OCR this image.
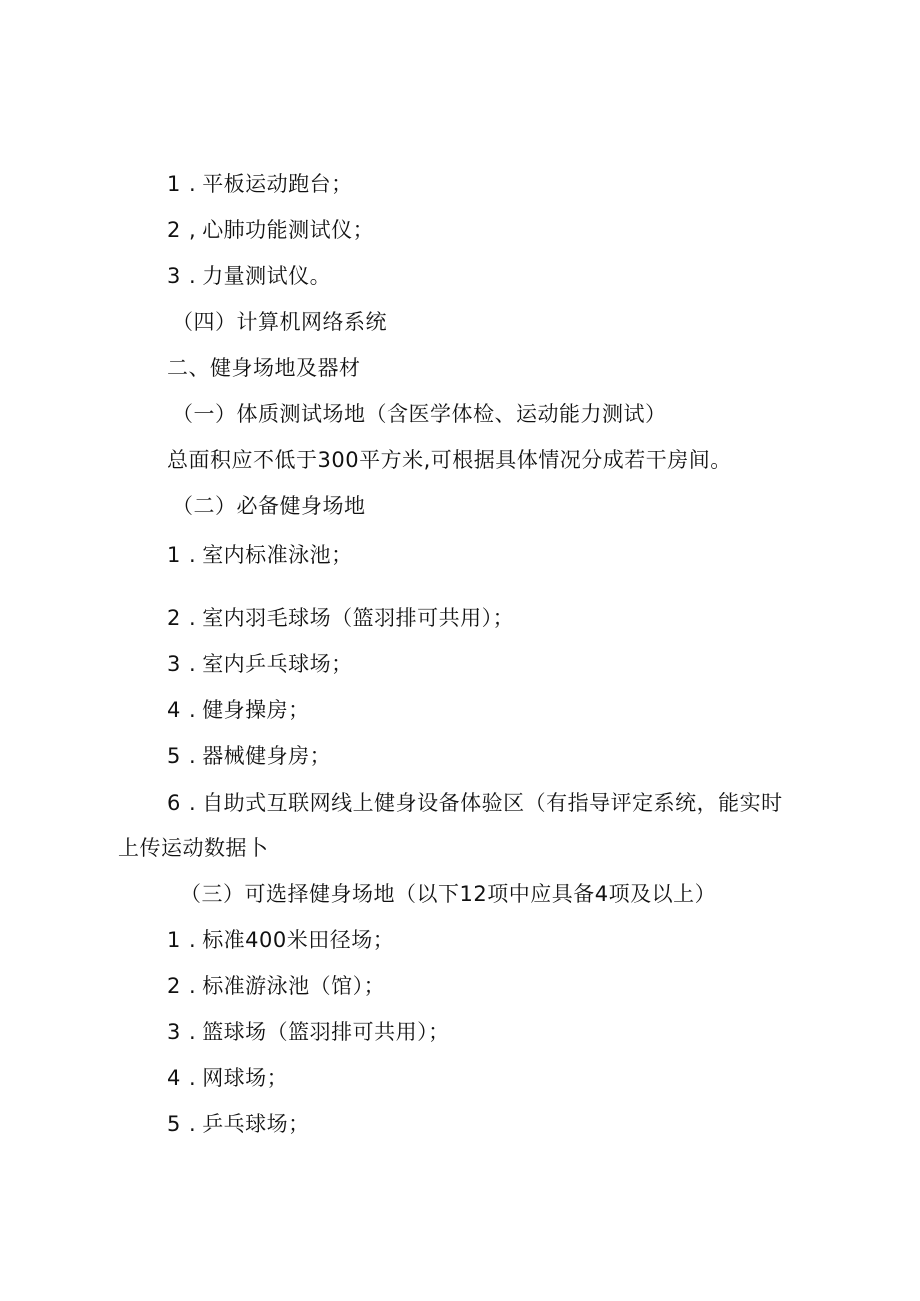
1 . 平板运动跑台；
2 , 心肺功能测试仪；
3 . 力量测试仪。
（四）计算机网络系统
二、健身场地及器材
（一）体质测试场地（含医学体检、运动能力测试）
总面积应不低于300平方米,可根据具体情况分成若干房间。
（二）必备健身场地
1 . 室内标准泳池；
2 . 室内羽毛球场（篮羽排可共用）；
3 . 室内乒乓球场；
4 . 健身操房；
5 . 器械健身房；
6 . 自助式互联网线上健身设备体验区（有指导评定系统，能实时
上传运动数据卜
（三）可选择健身场地（以下12项中应具备4项及以上）
1 . 标准400米田径场；
2 . 标准游泳池（馆）；
3 . 篮球场（篮羽排可共用）；
4 . 网球场；
5 . 乒乓球场；
